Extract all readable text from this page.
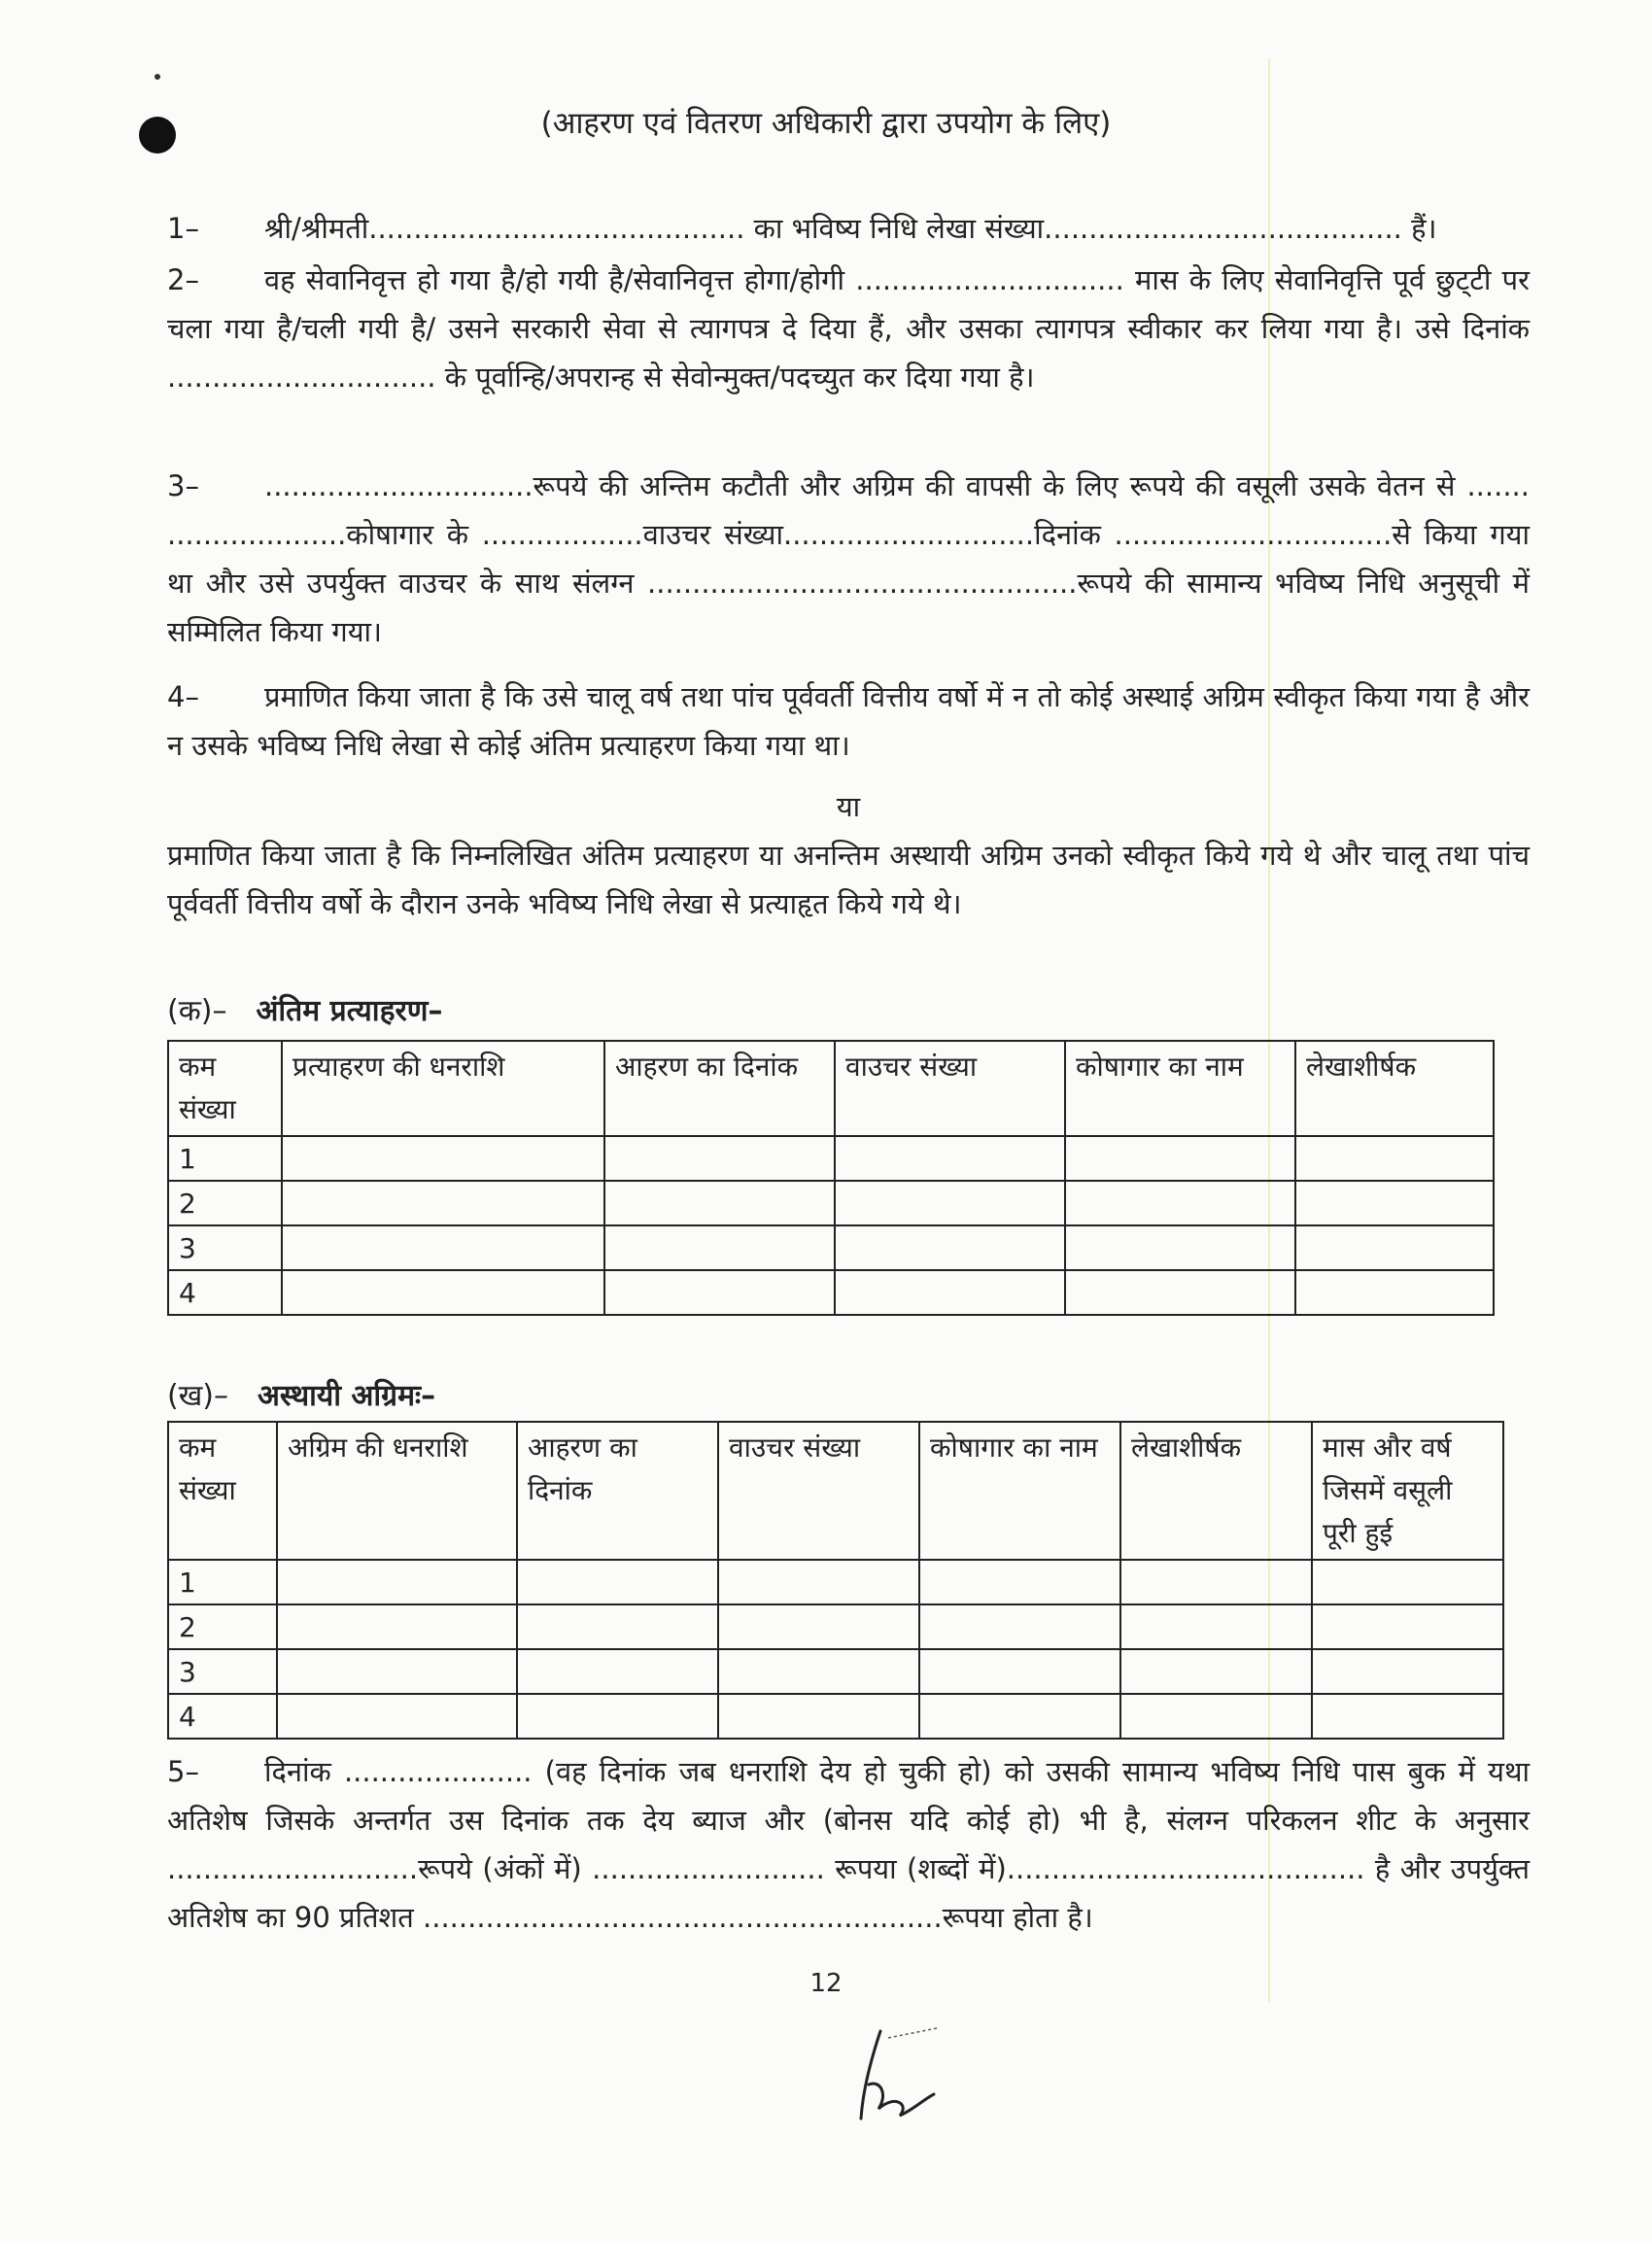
(आहरण एवं वितरण अधिकारी द्वारा उपयोग के लिए)
1– श्री/श्रीमती.......................................... का भविष्य निधि लेखा संख्या........................................ हैं।
2– वह सेवानिवृत्त हो गया है/हो गयी है/सेवानिवृत्त होगा/होगी .............................. मास के लिए सेवानिवृत्ति पूर्व छुट्‌टी पर चला गया है/चली गयी है/ उसने सरकारी सेवा से त्यागपत्र दे दिया हैं, और उसका त्यागपत्र स्वीकार कर लिया गया है। उसे दिनांक .............................. के पूर्वान्हि/अपरान्ह से सेवोन्मुक्त/पदच्युत कर दिया गया है।
3– ..............................रूपये की अन्तिम कटौती और अग्रिम की वापसी के लिए रूपये की वसूली उसके वेतन से ....... ....................कोषागार के ..................वाउचर संख्या............................दिनांक ...............................से किया गया था और उसे उपर्युक्त वाउचर के साथ संलग्न ................................................रूपये की सामान्य भविष्य निधि अनुसूची में सम्मिलित किया गया।
4– प्रमाणित किया जाता है कि उसे चालू वर्ष तथा पांच पूर्ववर्ती वित्तीय वर्षो में न तो कोई अस्थाई अग्रिम स्वीकृत किया गया है और न उसके भविष्य निधि लेखा से कोई अंतिम प्रत्याहरण किया गया था।
या
प्रमाणित किया जाता है कि निम्नलिखित अंतिम प्रत्याहरण या अनन्तिम अस्थायी अग्रिम उनको स्वीकृत किये गये थे और चालू तथा पांच पूर्ववर्ती वित्तीय वर्षो के दौरान उनके भविष्य निधि लेखा से प्रत्याहृत किये गये थे।
(क)– अंतिम प्रत्याहरण–
कम संख्या	प्रत्याहरण की धनराशि	आहरण का दिनांक	वाउचर संख्या	कोषागार का नाम	लेखाशीर्षक
1					
2					
3					
4					
(ख)– अस्थायी अग्रिमः–
कम संख्या	अग्रिम की धनराशि	आहरण का दिनांक	वाउचर संख्या	कोषागार का नाम	लेखाशीर्षक	मास और वर्ष जिसमें वसूली पूरी हुई
1						
2						
3						
4						
5– दिनांक ..................... (वह दिनांक जब धनराशि देय हो चुकी हो) को उसकी सामान्य भविष्य निधि पास बुक में यथा अतिशेष जिसके अन्तर्गत उस दिनांक तक देय ब्याज और (बोनस यदि कोई हो) भी है, संलग्न परिकलन शीट के अनुसार ............................रूपये (अंकों में) .......................... रूपया (शब्दों में)........................................ है और उपर्युक्त अतिशेष का 90 प्रतिशत ..........................................................रूपया होता है।
12
